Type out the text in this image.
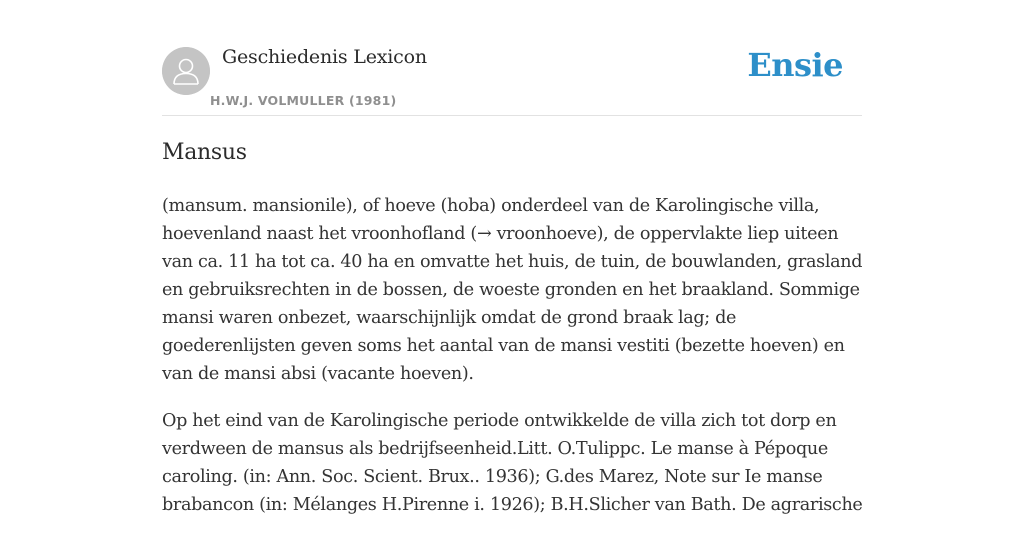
Geschiedenis Lexicon
H.W.J. VOLMULLER (1981)
Ensie
Mansus

(mansum. mansionile), of hoeve (hoba) onderdeel van de Karolingische villa,
hoevenland naast het vroonhofland (→ vroonhoeve), de oppervlakte liep uiteen
van ca. 11 ha tot ca. 40 ha en omvatte het huis, de tuin, de bouwlanden, grasland
en gebruiksrechten in de bossen, de woeste gronden en het braakland. Sommige
mansi waren onbezet, waarschijnlijk omdat de grond braak lag; de
goederenlijsten geven soms het aantal van de mansi vestiti (bezette hoeven) en
van de mansi absi (vacante hoeven).

Op het eind van de Karolingische periode ontwikkelde de villa zich tot dorp en
verdween de mansus als bedrijfseenheid.Litt. O.Tulippc. Le manse à Pépoque
caroling. (in: Ann. Soc. Scient. Brux.. 1936); G.des Marez, Note sur Ie manse
brabancon (in: Mélanges H.Pirenne i. 1926); B.H.Slicher van Bath. De agrarische
